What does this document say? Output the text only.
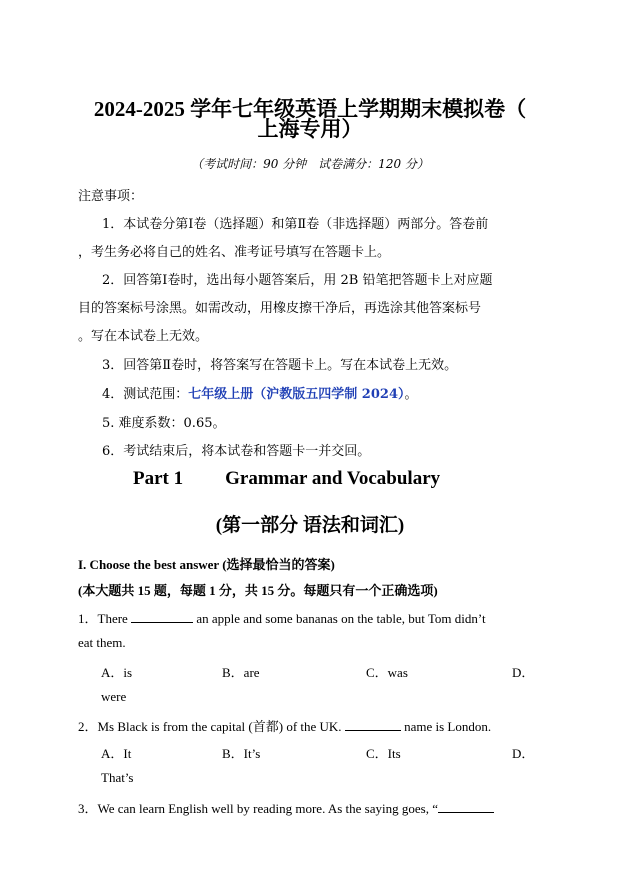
2024-2025 学年七年级英语上学期期末模拟卷（
上海专用）
（考试时间：90 分钟　试卷满分：120 分）
注意事项：
1．本试卷分第Ⅰ卷（选择题）和第Ⅱ卷（非选择题）两部分。答卷前
，考生务必将自己的姓名、准考证号填写在答题卡上。
2．回答第Ⅰ卷时，选出每小题答案后，用 2B 铅笔把答题卡上对应题
目的答案标号涂黑。如需改动，用橡皮擦干净后，再选涂其他答案标号
。写在本试卷上无效。
3．回答第Ⅱ卷时，将答案写在答题卡上。写在本试卷上无效。
4．测试范围：七年级上册（沪教版五四学制 2024）。
5. 难度系数：0.65。
6．考试结束后，将本试卷和答题卡一并交回。
Part 1 Grammar and Vocabulary
(第一部分 语法和词汇)
I. Choose the best answer (选择最恰当的答案)
(本大题共 15 题，每题 1 分，共 15 分。每题只有一个正确选项)
1．There	an apple and some bananas on the table, but Tom didn’t
eat them.
A．is	B．are	C．was	D．
were
2．Ms Black is from the capital (首都) of the UK.	name is London.
A．It	B．It’s	C．Its	D．
That’s
3．We can learn English well by reading more. As the saying goes, “
